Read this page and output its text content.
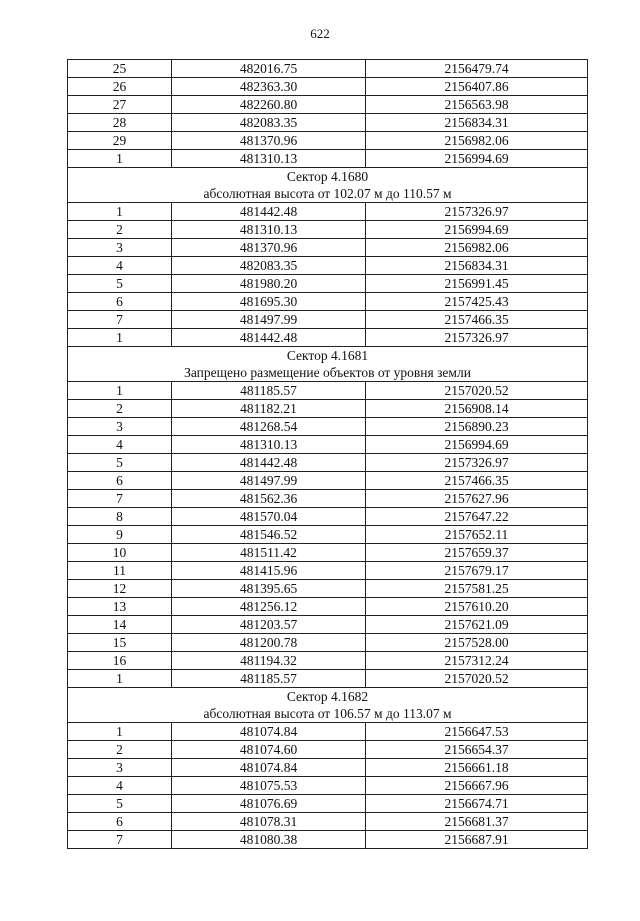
622
25	482016.75	2156479.74
26	482363.30	2156407.86
27	482260.80	2156563.98
28	482083.35	2156834.31
29	481370.96	2156982.06
1	481310.13	2156994.69
Сектор 4.1680		
абсолютная высота от 102.07 м до 110.57 м		
1	481442.48	2157326.97
2	481310.13	2156994.69
3	481370.96	2156982.06
4	482083.35	2156834.31
5	481980.20	2156991.45
6	481695.30	2157425.43
7	481497.99	2157466.35
1	481442.48	2157326.97
Сектор 4.1681		
Запрещено размещение объектов от уровня земли		
1	481185.57	2157020.52
2	481182.21	2156908.14
3	481268.54	2156890.23
4	481310.13	2156994.69
5	481442.48	2157326.97
6	481497.99	2157466.35
7	481562.36	2157627.96
8	481570.04	2157647.22
9	481546.52	2157652.11
10	481511.42	2157659.37
11	481415.96	2157679.17
12	481395.65	2157581.25
13	481256.12	2157610.20
14	481203.57	2157621.09
15	481200.78	2157528.00
16	481194.32	2157312.24
1	481185.57	2157020.52
Сектор 4.1682		
абсолютная высота от 106.57 м до 113.07 м		
1	481074.84	2156647.53
2	481074.60	2156654.37
3	481074.84	2156661.18
4	481075.53	2156667.96
5	481076.69	2156674.71
6	481078.31	2156681.37
7	481080.38	2156687.91
